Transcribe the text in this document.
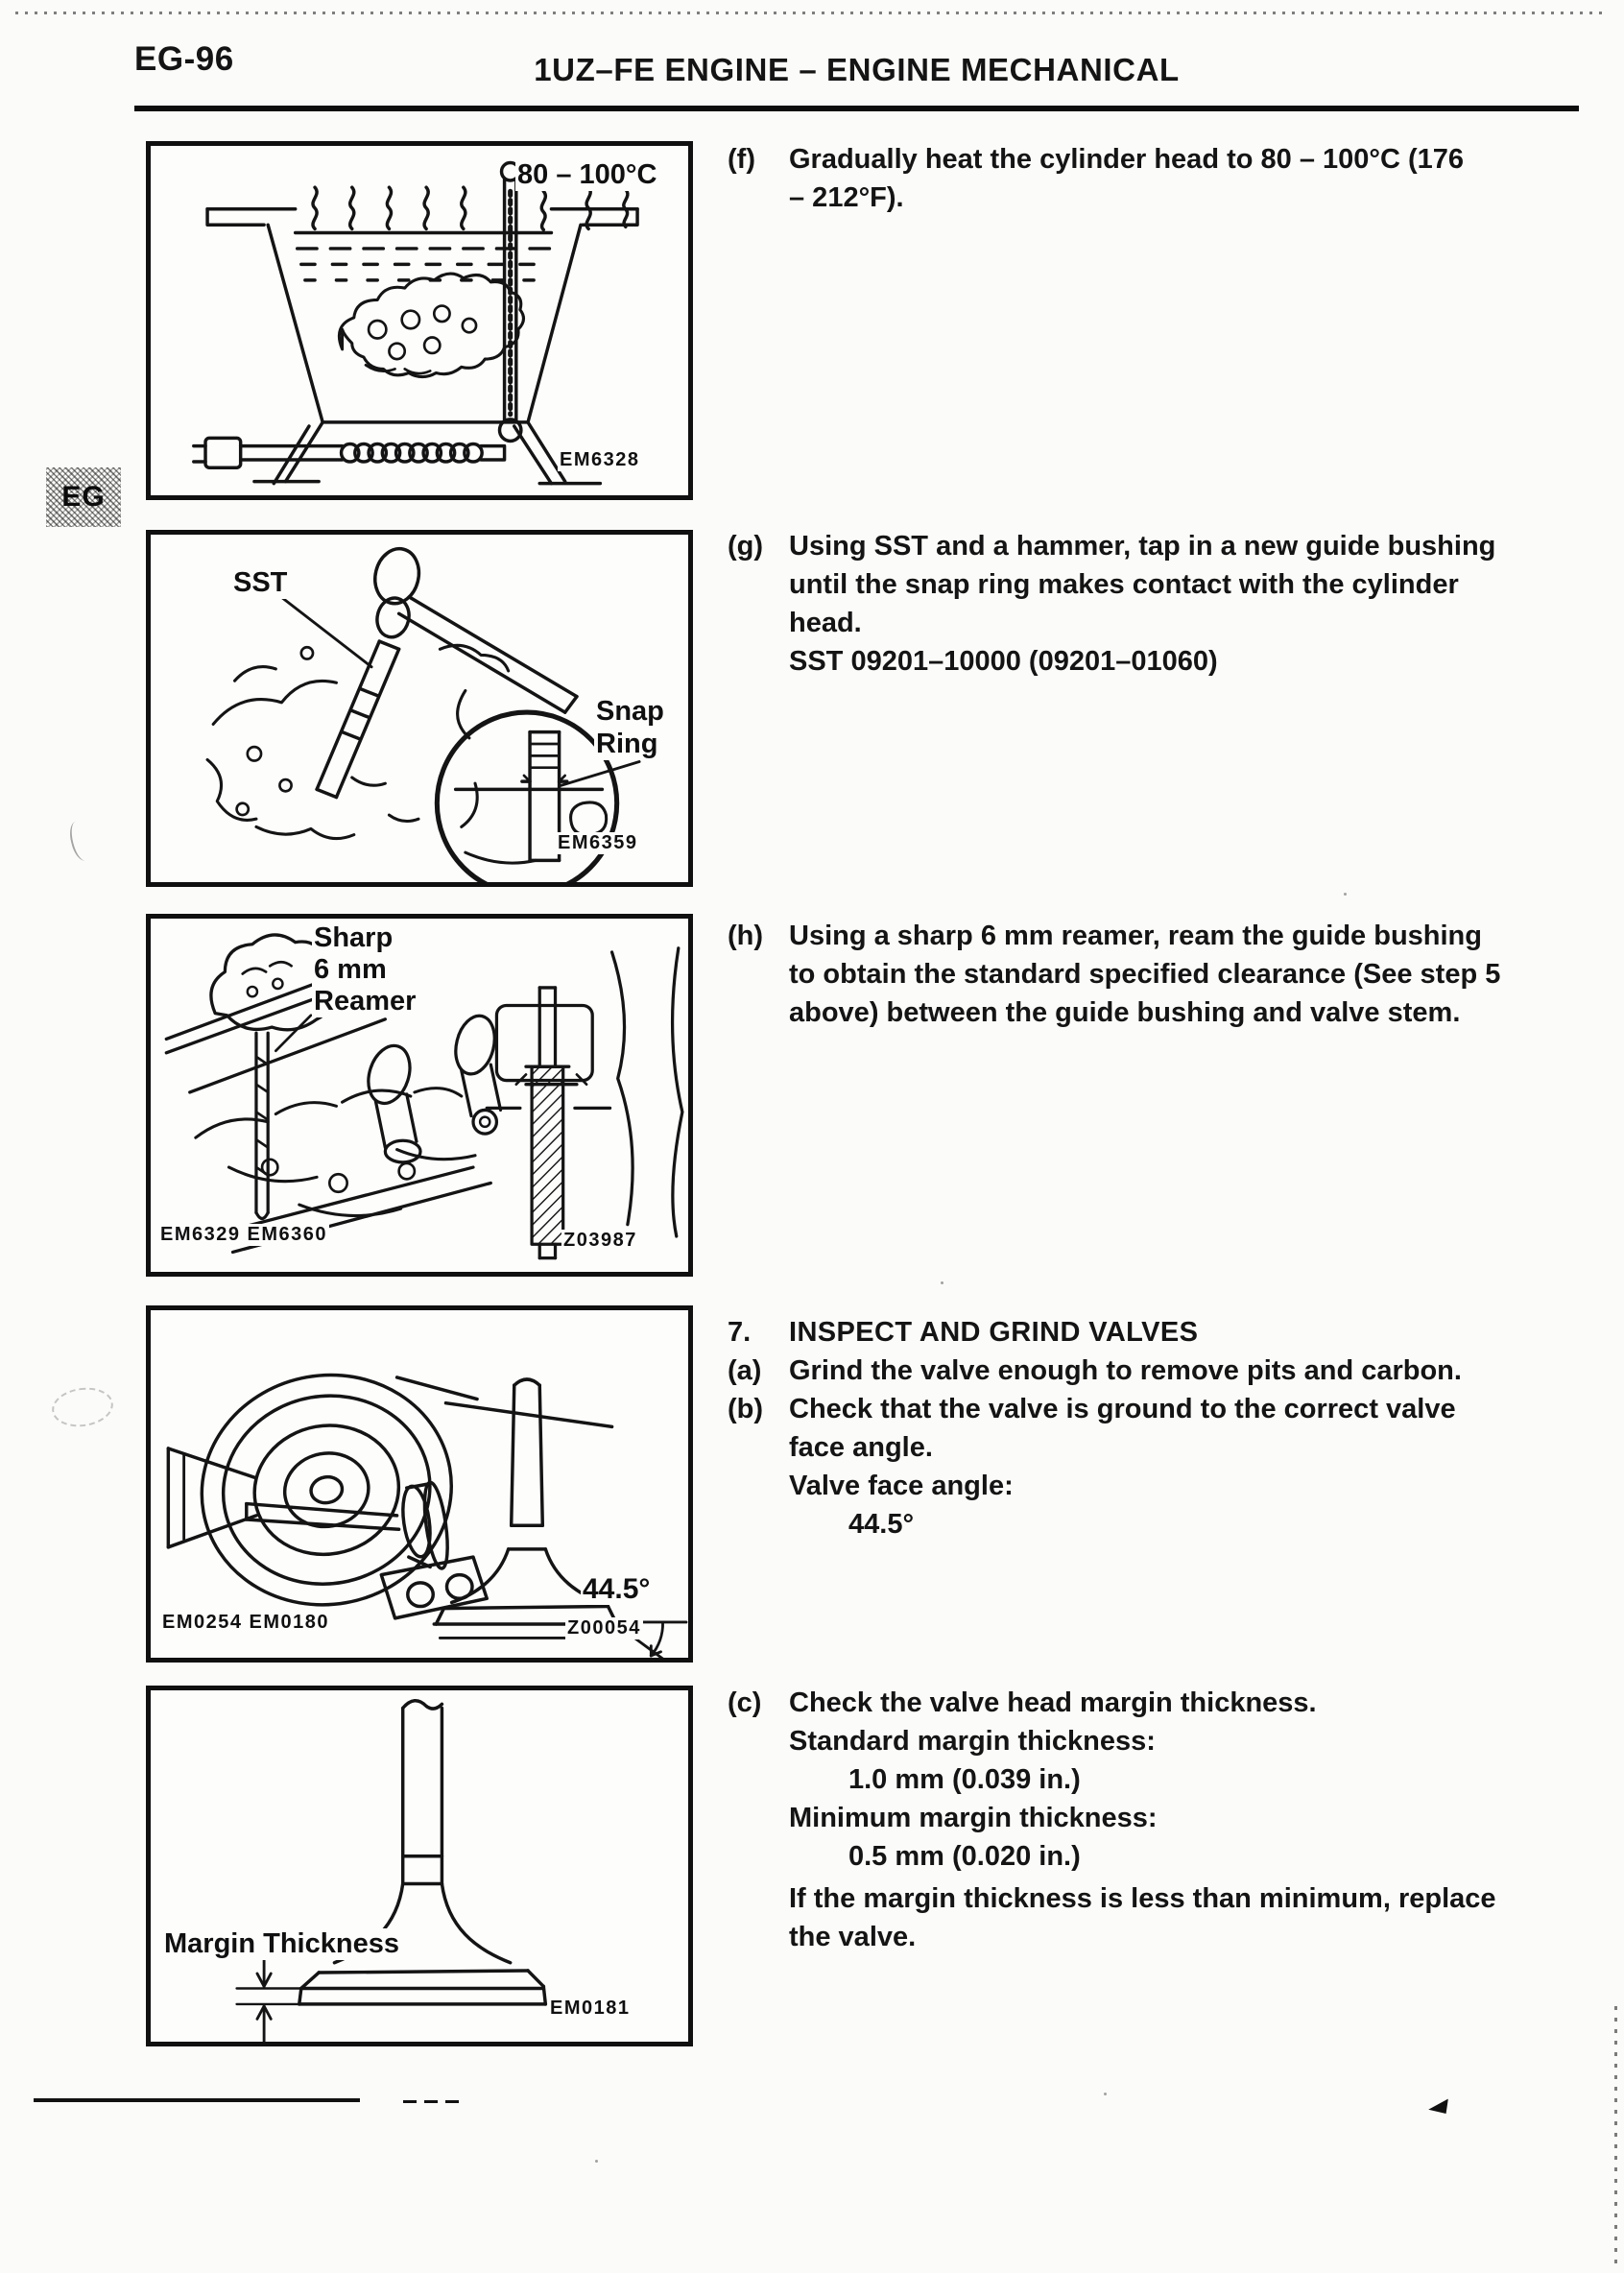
EG-96	1UZ–FE ENGINE – ENGINE MECHANICAL
EG
80 – 100°C
EM6328
SST
Snap
Ring
EM6359
Sharp
6 mm
Reamer
EM6329 EM6360	Z03987
44.5°
EM0254 EM0180	Z00054
Margin Thickness
EM0181
(f)	Gradually heat the cylinder head to 80 – 100°C (176
– 212°F).
(g) Using SST and a hammer, tap in a new guide bushing
until the snap ring makes contact with the cylinder
head.
SST 09201–10000 (09201–01060)
(h) Using a sharp 6 mm reamer, ream the guide bushing
to obtain the standard specified clearance (See step 5
above) between the guide bushing and valve stem.
7.	INSPECT AND GRIND VALVES
(a) Grind the valve enough to remove pits and carbon.
(b) Check that the valve is ground to the correct valve
face angle.
Valve face angle:
44.5°
(c) Check the valve head margin thickness.
Standard margin thickness:
1.0 mm (0.039 in.)
Minimum margin thickness:
0.5 mm (0.020 in.)
If the margin thickness is less than minimum, replace
the valve.
